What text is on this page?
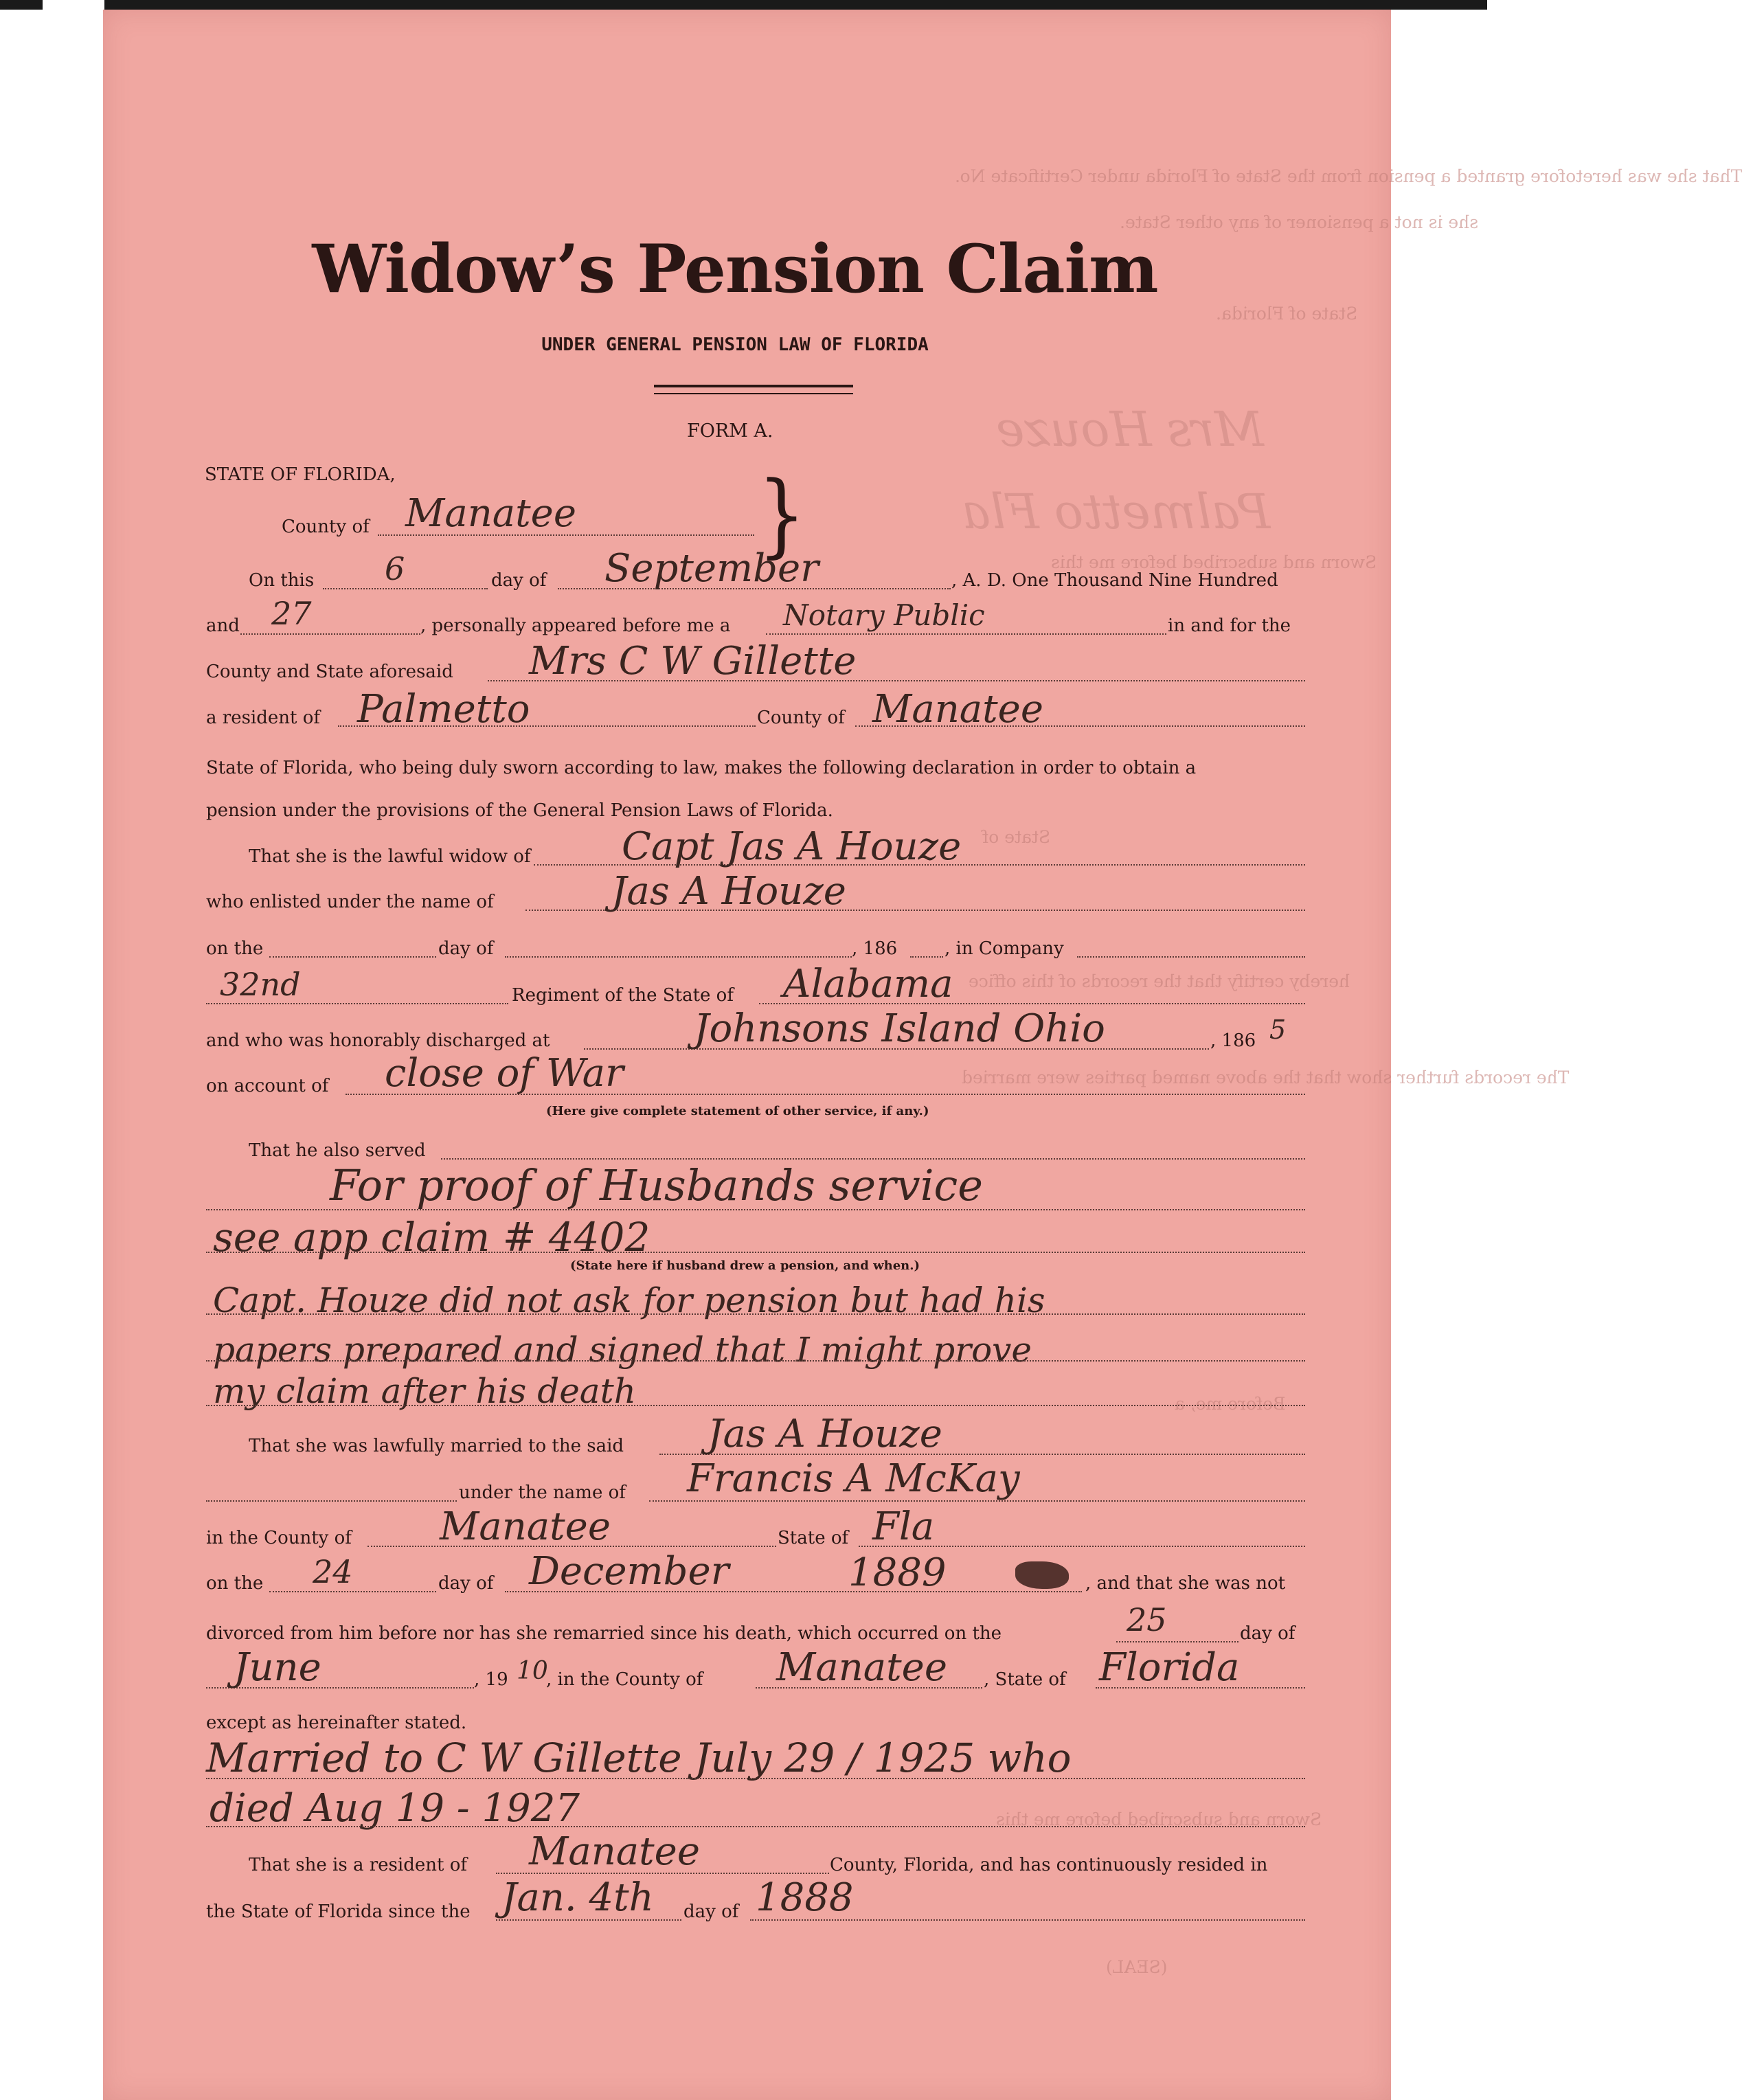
That she was heretofore granted a pension from the State of Florida under Certificate No.
she is not a pensioner of any other State.
State of Florida.
Sworn and subscribed before me this
State of
hereby certify that the records of this office
The records further show that the above named parties were married
Before me, a
Sworn and subscribed before me this
(SEAL)
Mrs Houze
Palmetto Fla
Widow’s Pension Claim
UNDER GENERAL PENSION LAW OF FLORIDA
FORM A.
STATE OF FLORIDA,
County of Manatee }
On this 6	day of September	, A. D. One Thousand Nine Hundred
and 27	, personally appeared before me a Notary Public	in and for the
County and State aforesaid Mrs C W Gillette
a resident of Palmetto	County of Manatee
State of Florida, who being duly sworn according to law, makes the following declaration in order to obtain a
pension under the provisions of the General Pension Laws of Florida.
That she is the lawful widow of Capt Jas A Houze
who enlisted under the name of	Jas A Houze
on the	day of	, 186	, in Company
32nd	Regiment of the State of Alabama
and who was honorably discharged at	Johnsons Island Ohio	, 186 5
on account of close of War
(Here give complete statement of other service, if any.)
That he also served
For proof of Husbands service
see app claim # 4402
(State here if husband drew a pension, and when.)
Capt. Houze did not ask for pension but had his
papers prepared and signed that I might prove
my claim after his death
That she was lawfully married to the said Jas A Houze
under the name of Francis A McKay
in the County of Manatee	State of Fla
on the 24	day of December	1889	, and that she was not
divorced from him before nor has she remarried since his death, which occurred on the	25	day of
June	, 19 10
, in the County of Manatee , State of Florida
except as hereinafter stated.
Married to C W Gillette July 29 / 1925 who
died Aug 19 - 1927
That she is a resident of Manatee	County, Florida, and has continuously resided in
the State of Florida since the Jan. 4th day of 1888
